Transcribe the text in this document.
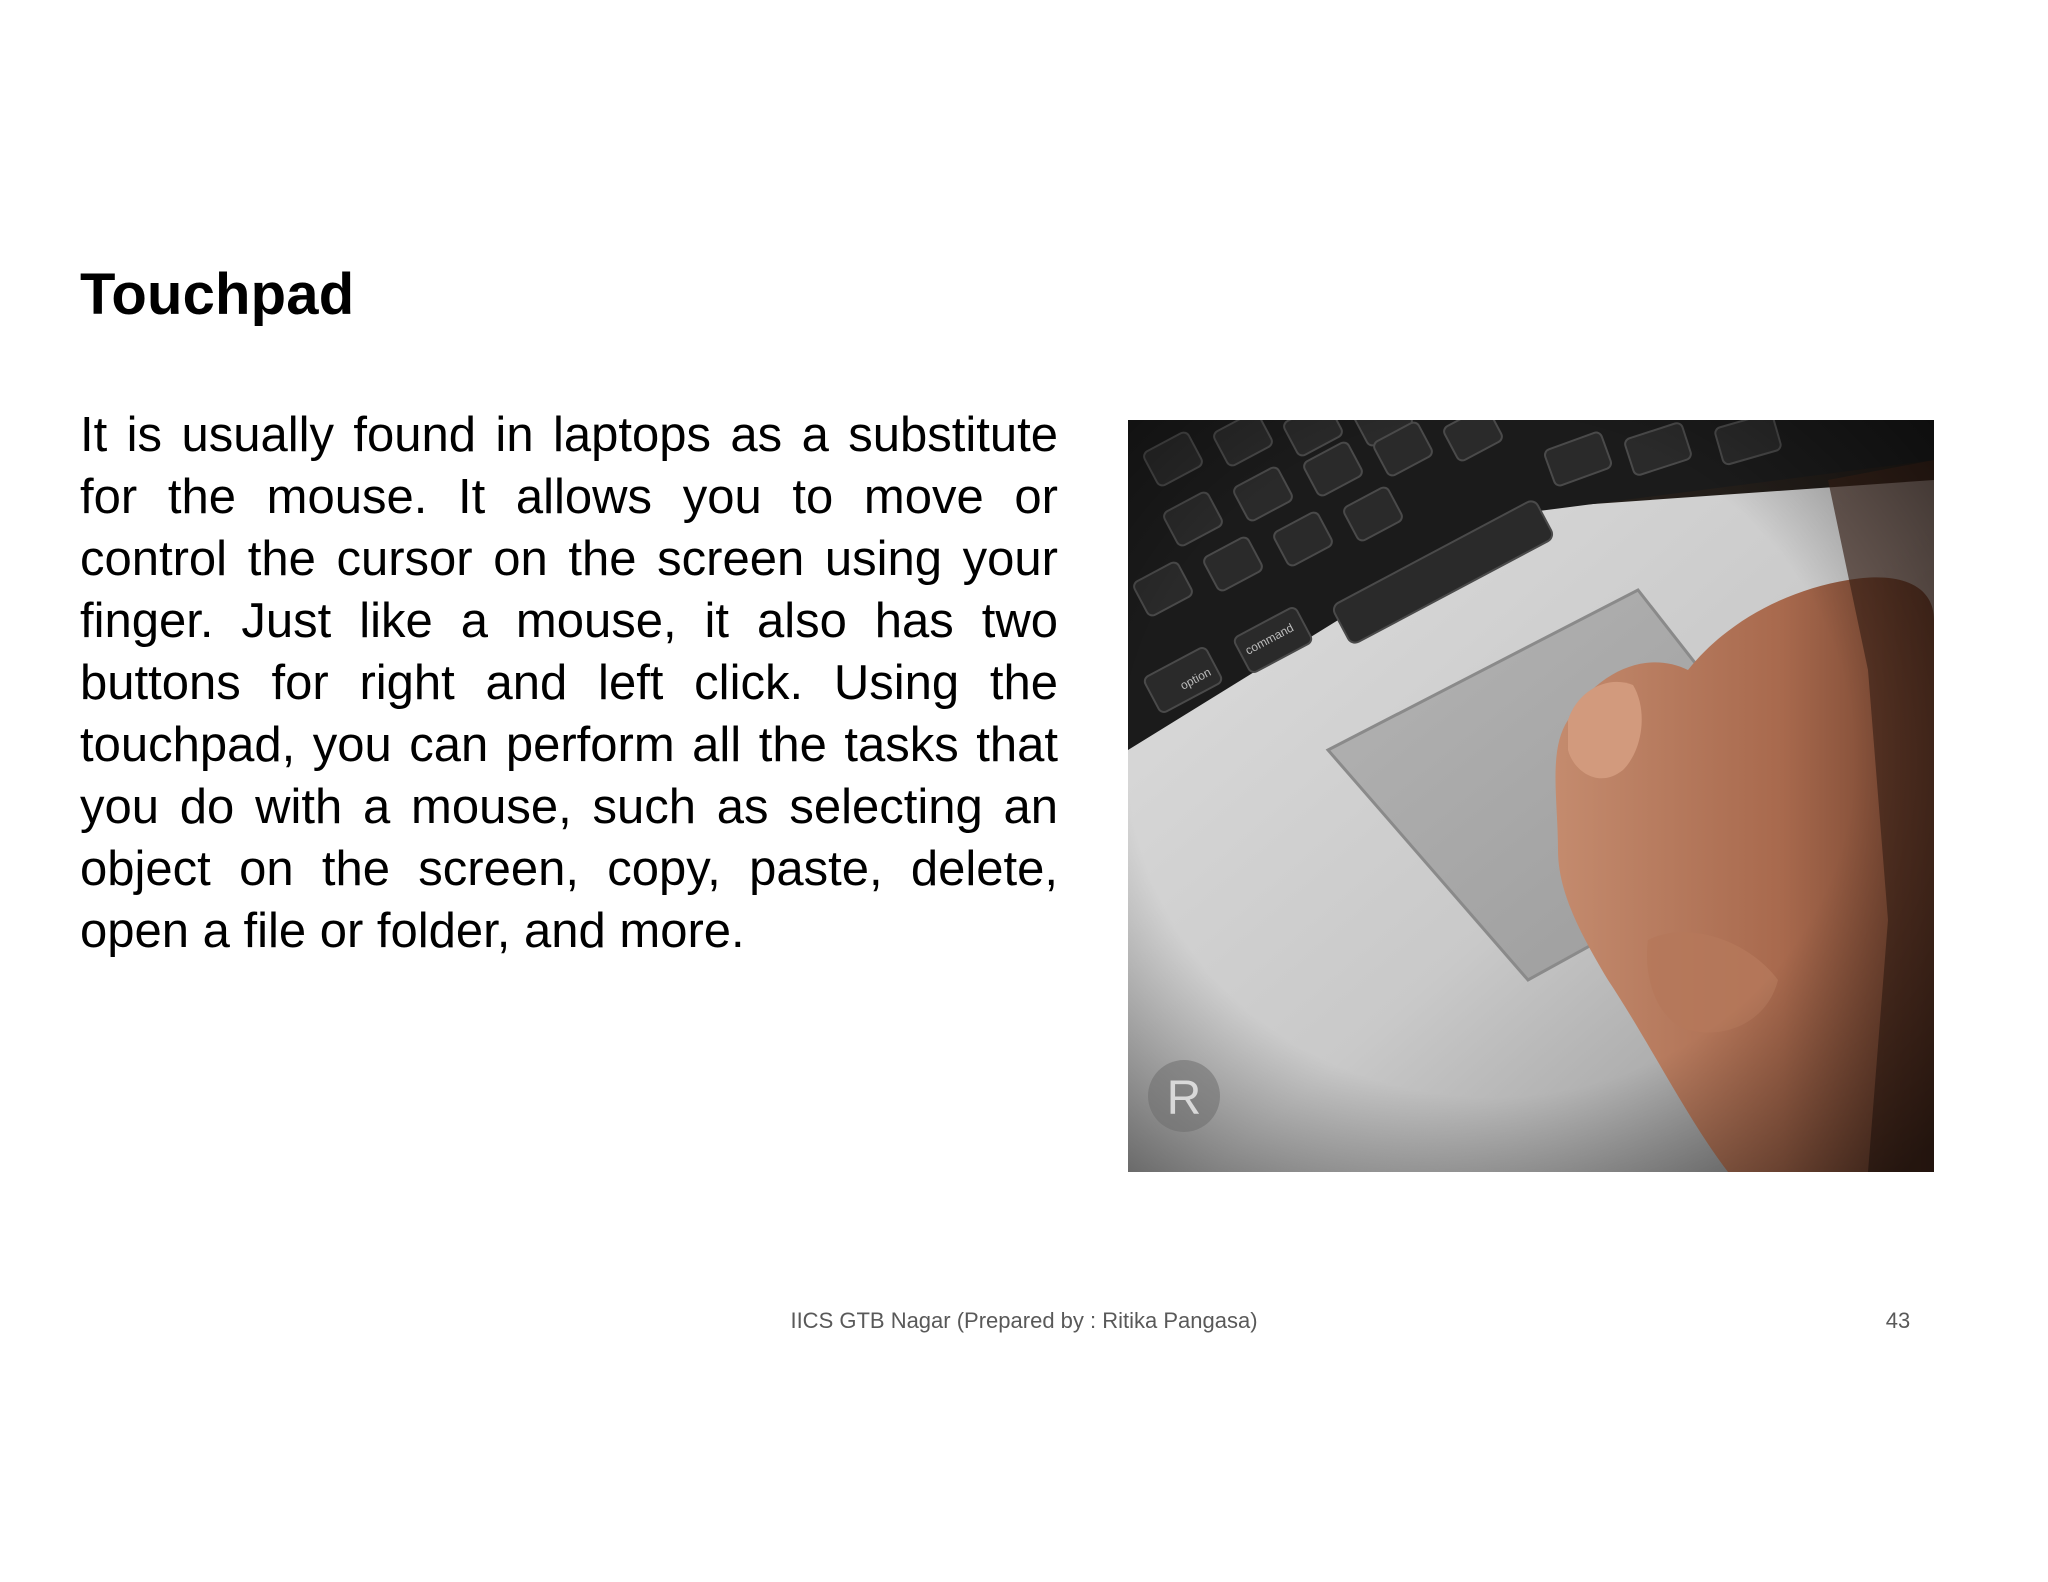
Touchpad

It is usually found in laptops as a substitute for the mouse. It allows you to move or control the cursor on the screen using your finger. Just like a mouse, it also has two buttons for right and left click. Using the touchpad, you can perform all the tasks that you do with a mouse, such as selecting an object on the screen, copy, paste, delete, open a file or folder, and more.

R
IICS GTB Nagar (Prepared by : Ritika Pangasa)	43
